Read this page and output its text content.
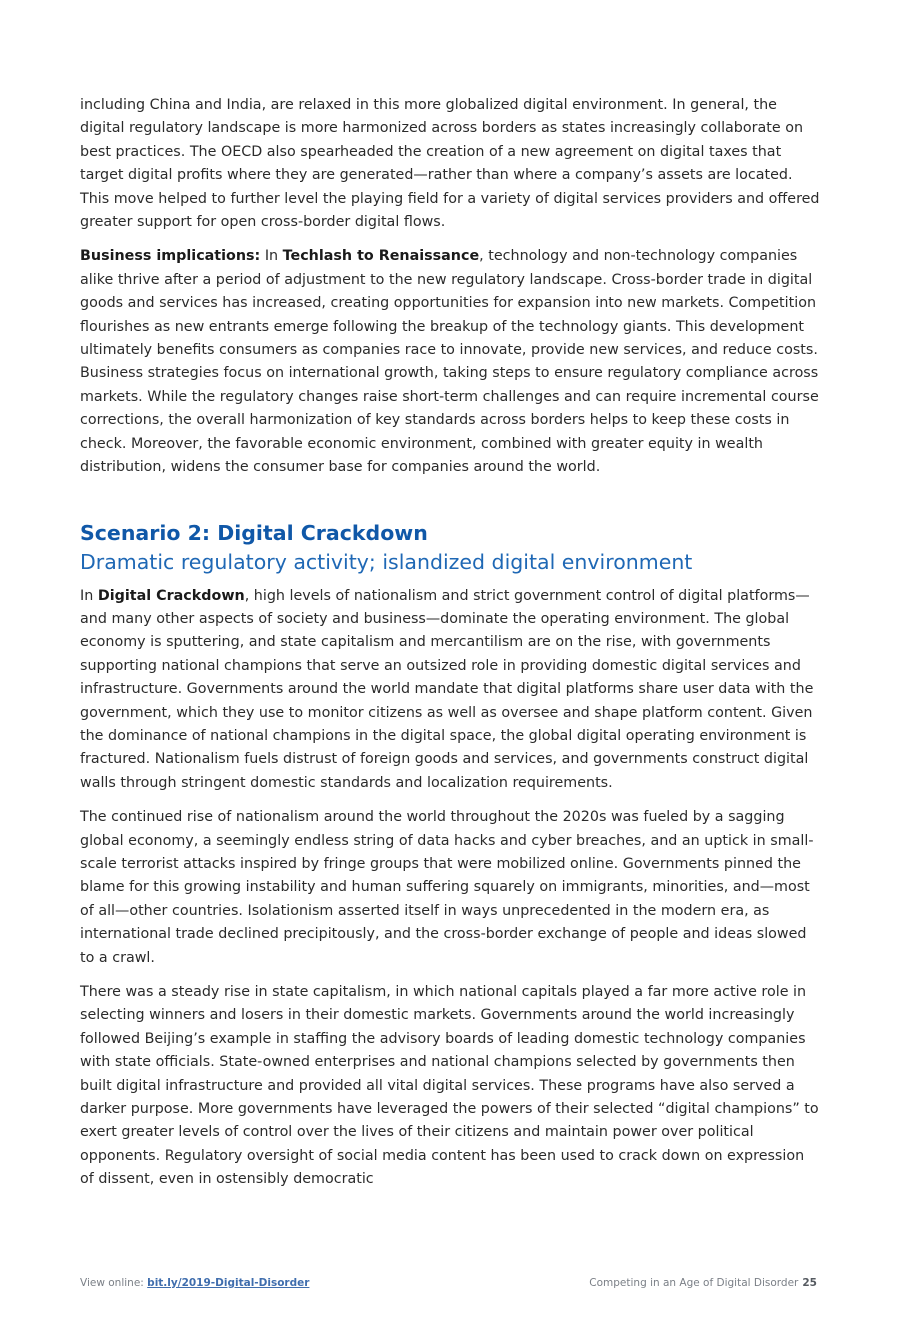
including China and India, are relaxed in this more globalized digital environment. In general, the digital regulatory landscape is more harmonized across borders as states increasingly collaborate on best practices. The OECD also spearheaded the creation of a new agreement on digital taxes that target digital profits where they are generated—rather than where a company’s assets are located. This move helped to further level the playing field for a variety of digital services providers and offered greater support for open cross-border digital flows.

Business implications: In Techlash to Renaissance, technology and non-technology companies alike thrive after a period of adjustment to the new regulatory landscape. Cross-border trade in digital goods and services has increased, creating opportunities for expansion into new markets. Competition flourishes as new entrants emerge following the breakup of the technology giants. This development ultimately benefits consumers as companies race to innovate, provide new services, and reduce costs. Business strategies focus on international growth, taking steps to ensure regulatory compliance across markets. While the regulatory changes raise short-term challenges and can require incremental course corrections, the overall harmonization of key standards across borders helps to keep these costs in check. Moreover, the favorable economic environment, combined with greater equity in wealth distribution, widens the consumer base for companies around the world.

Scenario 2: Digital Crackdown
Dramatic regulatory activity; islandized digital environment

In Digital Crackdown, high levels of nationalism and strict government control of digital platforms—and many other aspects of society and business—dominate the operating environment. The global economy is sputtering, and state capitalism and mercantilism are on the rise, with governments supporting national champions that serve an outsized role in providing domestic digital services and infrastructure. Governments around the world mandate that digital platforms share user data with the government, which they use to monitor citizens as well as oversee and shape platform content. Given the dominance of national champions in the digital space, the global digital operating environment is fractured. Nationalism fuels distrust of foreign goods and services, and governments construct digital walls through stringent domestic standards and localization requirements.

The continued rise of nationalism around the world throughout the 2020s was fueled by a sagging global economy, a seemingly endless string of data hacks and cyber breaches, and an uptick in small-scale terrorist attacks inspired by fringe groups that were mobilized online. Governments pinned the blame for this growing instability and human suffering squarely on immigrants, minorities, and—most of all—other countries. Isolationism asserted itself in ways unprecedented in the modern era, as international trade declined precipitously, and the cross-border exchange of people and ideas slowed to a crawl.

There was a steady rise in state capitalism, in which national capitals played a far more active role in selecting winners and losers in their domestic markets. Governments around the world increasingly followed Beijing’s example in staffing the advisory boards of leading domestic technology companies with state officials. State-owned enterprises and national champions selected by governments then built digital infrastructure and provided all vital digital services. These programs have also served a darker purpose. More governments have leveraged the powers of their selected “digital champions” to exert greater levels of control over the lives of their citizens and maintain power over political opponents. Regulatory oversight of social media content has been used to crack down on expression of dissent, even in ostensibly democratic

View online: bit.ly/2019-Digital-Disorder	Competing in an Age of Digital Disorder 25
